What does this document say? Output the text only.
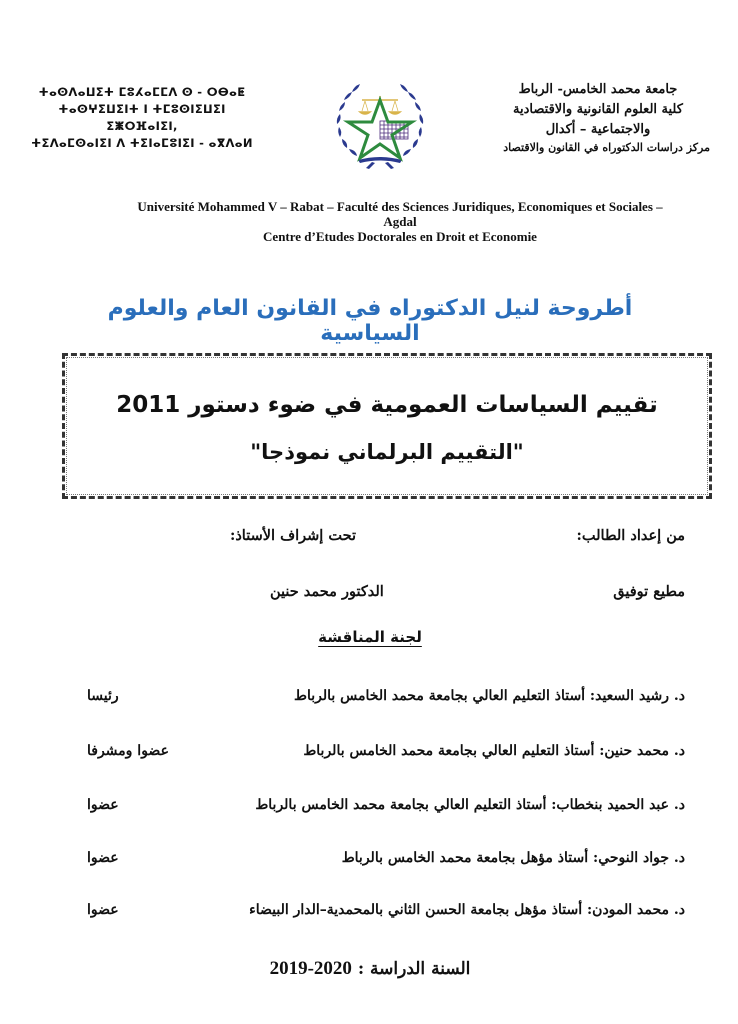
ⵜⴰⵙⴷⴰⵡⵉⵜ ⵎⵓⵃⴰⵎⵎⴷ ⵙ - ⵔⴱⴰⵟ
ⵜⴰⵙⵖⵉⵡⵉⵏⵜ ⵏ ⵜⵎⵓⵙⵏⵉⵡⵉⵏ ⵉⵥⵔⴼⴰⵏⵉⵏ,
ⵜⵉⴷⴰⵎⵙⴰⵏⵉⵏ ⴷ ⵜⵉⵏⴰⵎⵓⵏⵉⵏ - ⴰⴳⴷⴰⵍ
جامعة محمد الخامس- الرباط
كلية العلوم القانونية والاقتصادية
والاجتماعية – أكدال
مركز دراسات الدكتوراه في القانون والاقتصاد
Université Mohammed V – Rabat – Faculté des Sciences Juridiques, Economiques et Sociales –
Agdal
Centre d’Etudes Doctorales en Droit et Economie
أطروحة لنيل الدكتوراه في القانون العام والعلوم السياسية
تقييم السياسات العمومية في ضوء دستور 2011
"التقييم البرلماني نموذجا"
من إعداد الطالب:
تحت إشراف الأستاذ:
مطيع توفيق
الدكتور محمد حنين
لجنة المناقشة
د. رشيد السعيد: أستاذ التعليم العالي بجامعة محمد الخامس بالرباط
رئيسا
د. محمد حنين: أستاذ التعليم العالي بجامعة محمد الخامس بالرباط
عضوا ومشرفا
د. عبد الحميد بنخطاب: أستاذ التعليم العالي بجامعة محمد الخامس بالرباط
عضوا
د. جواد النوحي: أستاذ مؤهل بجامعة محمد الخامس بالرباط
عضوا
د. محمد المودن: أستاذ مؤهل بجامعة الحسن الثاني بالمحمدية–الدار البيضاء
عضوا
السنة الدراسة : 2020-2019
